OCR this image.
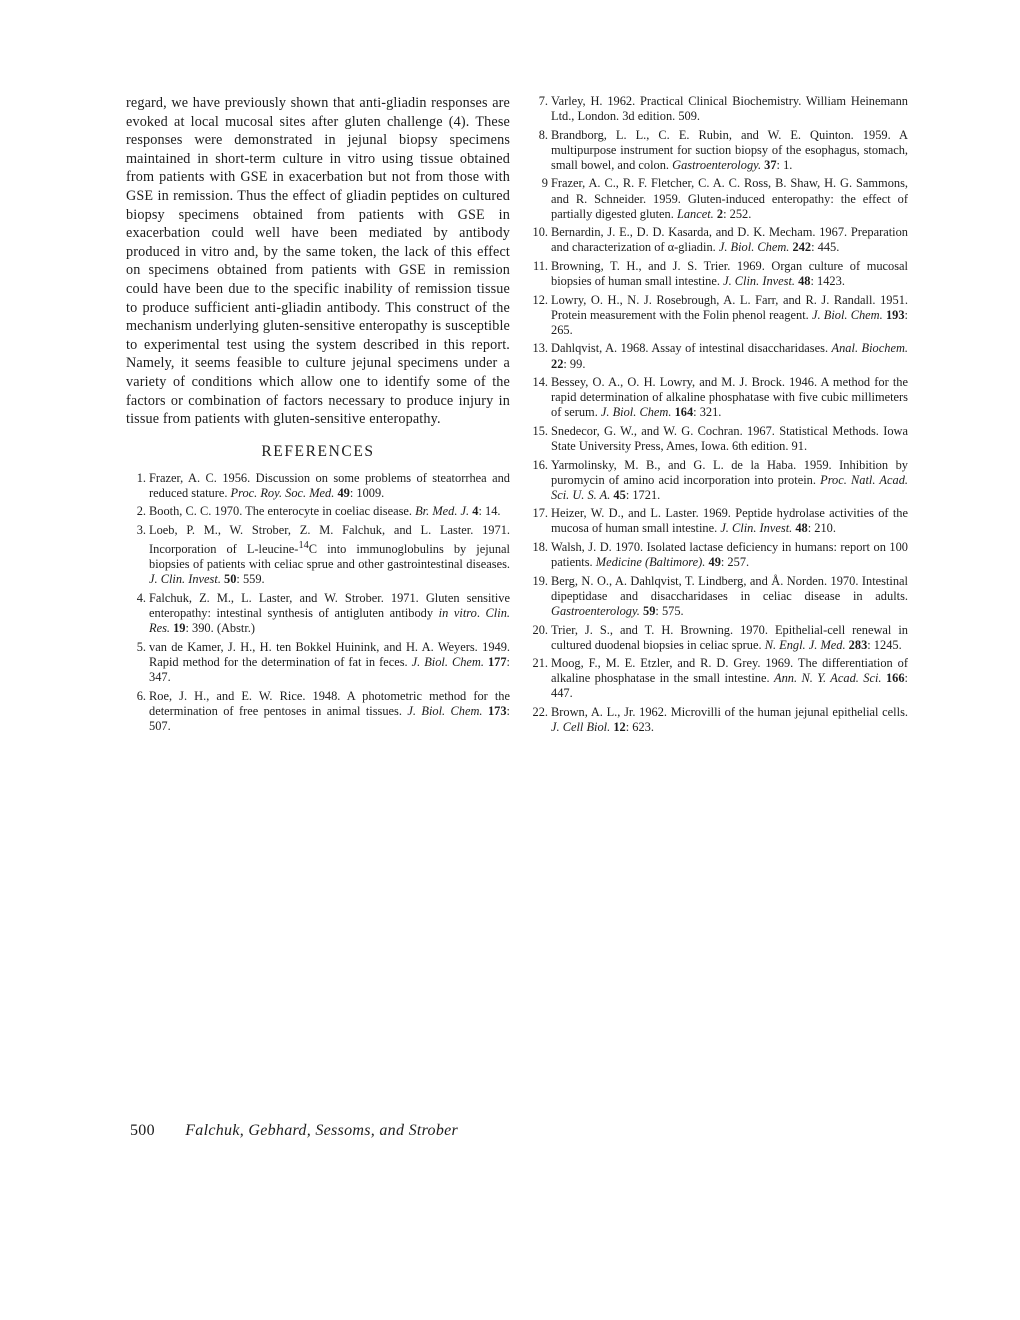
regard, we have previously shown that anti-gliadin responses are evoked at local mucosal sites after gluten challenge (4). These responses were demonstrated in jejunal biopsy specimens maintained in short-term culture in vitro using tissue obtained from patients with GSE in exacerbation but not from those with GSE in remission. Thus the effect of gliadin peptides on cultured biopsy specimens obtained from patients with GSE in exacerbation could well have been mediated by antibody produced in vitro and, by the same token, the lack of this effect on specimens obtained from patients with GSE in remission could have been due to the specific inability of remission tissue to produce sufficient anti-gliadin antibody. This construct of the mechanism underlying gluten-sensitive enteropathy is susceptible to experimental test using the system described in this report. Namely, it seems feasible to culture jejunal specimens under a variety of conditions which allow one to identify some of the factors or combination of factors necessary to produce injury in tissue from patients with gluten-sensitive enteropathy.

REFERENCES
1. Frazer, A. C. 1956. Discussion on some problems of steatorrhea and reduced stature. Proc. Roy. Soc. Med. 49: 1009.
2. Booth, C. C. 1970. The enterocyte in coeliac disease. Br. Med. J. 4: 14.
3. Loeb, P. M., W. Strober, Z. M. Falchuk, and L. Laster. 1971. Incorporation of L-leucine-$^{14}$C into immunoglobulins by jejunal biopsies of patients with celiac sprue and other gastrointestinal diseases. J. Clin. Invest. 50: 559.
4. Falchuk, Z. M., L. Laster, and W. Strober. 1971. Gluten sensitive enteropathy: intestinal synthesis of antigluten antibody in vitro. Clin. Res. 19: 390. (Abstr.)
5. van de Kamer, J. H., H. ten Bokkel Huinink, and H. A. Weyers. 1949. Rapid method for the determination of fat in feces. J. Biol. Chem. 177: 347.
6. Roe, J. H., and E. W. Rice. 1948. A photometric method for the determination of free pentoses in animal tissues. J. Biol. Chem. 173: 507.
7. Varley, H. 1962. Practical Clinical Biochemistry. William Heinemann Ltd., London. 3d edition. 509.
8. Brandborg, L. L., C. E. Rubin, and W. E. Quinton. 1959. A multipurpose instrument for suction biopsy of the esophagus, stomach, small bowel, and colon. Gastroenterology. 37: 1.
9 Frazer, A. C., R. F. Fletcher, C. A. C. Ross, B. Shaw, H. G. Sammons, and R. Schneider. 1959. Gluten-induced enteropathy: the effect of partially digested gluten. Lancet. 2: 252.
10. Bernardin, J. E., D. D. Kasarda, and D. K. Mecham. 1967. Preparation and characterization of α-gliadin. J. Biol. Chem. 242: 445.
11. Browning, T. H., and J. S. Trier. 1969. Organ culture of mucosal biopsies of human small intestine. J. Clin. Invest. 48: 1423.
12. Lowry, O. H., N. J. Rosebrough, A. L. Farr, and R. J. Randall. 1951. Protein measurement with the Folin phenol reagent. J. Biol. Chem. 193: 265.
13. Dahlqvist, A. 1968. Assay of intestinal disaccharidases. Anal. Biochem. 22: 99.
14. Bessey, O. A., O. H. Lowry, and M. J. Brock. 1946. A method for the rapid determination of alkaline phosphatase with five cubic millimeters of serum. J. Biol. Chem. 164: 321.
15. Snedecor, G. W., and W. G. Cochran. 1967. Statistical Methods. Iowa State University Press, Ames, Iowa. 6th edition. 91.
16. Yarmolinsky, M. B., and G. L. de la Haba. 1959. Inhibition by puromycin of amino acid incorporation into protein. Proc. Natl. Acad. Sci. U. S. A. 45: 1721.
17. Heizer, W. D., and L. Laster. 1969. Peptide hydrolase activities of the mucosa of human small intestine. J. Clin. Invest. 48: 210.
18. Walsh, J. D. 1970. Isolated lactase deficiency in humans: report on 100 patients. Medicine (Baltimore). 49: 257.
19. Berg, N. O., A. Dahlqvist, T. Lindberg, and Å. Norden. 1970. Intestinal dipeptidase and disaccharidases in celiac disease in adults. Gastroenterology. 59: 575.
20. Trier, J. S., and T. H. Browning. 1970. Epithelial-cell renewal in cultured duodenal biopsies in celiac sprue. N. Engl. J. Med. 283: 1245.
21. Moog, F., M. E. Etzler, and R. D. Grey. 1969. The differentiation of alkaline phosphatase in the small intestine. Ann. N. Y. Acad. Sci. 166: 447.
22. Brown, A. L., Jr. 1962. Microvilli of the human jejunal epithelial cells. J. Cell Biol. 12: 623.
500 Falchuk, Gebhard, Sessoms, and Strober
